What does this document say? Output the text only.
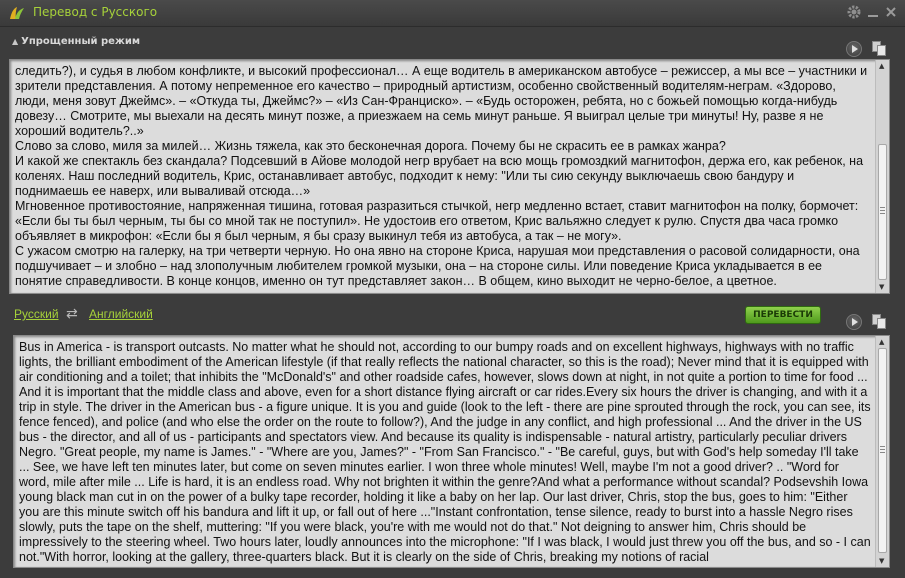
Перевод с Русского
▲ Упрощенный режим
следить?), и судья в любом конфликте, и высокий профессионал… А еще водитель в американском автобусе – режиссер, а мы все – участники и зрители представления. А потому непременное его качество – природный артистизм, особенно свойственный водителям-неграм. «Здорово, люди, меня зовут Джеймс». – «Откуда ты, Джеймс?» – «Из Сан-Франциско». – «Будь осторожен, ребята, но с божьей помощью когда-нибудь довезу… Смотрите, мы выехали на десять минут позже, а приезжаем на семь минут раньше. Я выиграл целые три минуты! Ну, разве я не хороший водитель?..»
Слово за слово, миля за милей… Жизнь тяжела, как это бесконечная дорога. Почему бы не скрасить ее в рамках жанра?
И какой же спектакль без скандала? Подсевший в Айове молодой негр врубает на всю мощь громоздкий магнитофон, держа его, как ребенок, на коленях. Наш последний водитель, Крис, останавливает автобус, подходит к нему: "Или ты сию секунду выключаешь свою бандуру и поднимаешь ее наверх, или вываливай отсюда…»
Мгновенное противостояние, напряженная тишина, готовая разразиться стычкой, негр медленно встает, ставит магнитофон на полку, бормочет: «Если бы ты был черным, ты бы со мной так не поступил». Не удостоив его ответом, Крис вальяжно следует к рулю. Спустя два часа громко объявляет в микрофон: «Если бы я был черным, я бы сразу выкинул тебя из автобуса, а так – не могу».
С ужасом смотрю на галерку, на три четверти черную. Но она явно на стороне Криса, нарушая мои представления о расовой солидарности, она подшучивает – и злобно – над злополучным любителем громкой музыки, она – на стороне силы. Или поведение Криса укладывается в ее понятие справедливости. В конце концов, именно он тут представляет закон… В общем, кино выходит не черно-белое, а цветное.
▲
▼
Русский ⇄ Английский	ПЕРЕВЕСТИ
Bus in America - is transport outcasts. No matter what he should not, according to our bumpy roads and on excellent highways, highways with no traffic lights, the brilliant embodiment of the American lifestyle (if that really reflects the national character, so this is the road); Never mind that it is equipped with air conditioning and a toilet; that inhibits the "McDonald's" and other roadside cafes, however, slows down at night, in not quite a portion to time for food ... And it is important that the middle class and above, even for a short distance flying aircraft or car rides.Every six hours the driver is changing, and with it a trip in style. The driver in the American bus - a figure unique. It is you and guide (look to the left - there are pine sprouted through the rock, you can see, its fence fenced), and police (and who else the order on the route to follow?), And the judge in any conflict, and high professional ... And the driver in the US bus - the director, and all of us - participants and spectators view. And because its quality is indispensable - natural artistry, particularly peculiar drivers Negro. "Great people, my name is James." - "Where are you, James?" - "From San Francisco." - "Be careful, guys, but with God's help someday I'll take ... See, we have left ten minutes later, but come on seven minutes earlier. I won three whole minutes! Well, maybe I'm not a good driver? .. "Word for word, mile after mile ... Life is hard, it is an endless road. Why not brighten it within the genre?And what a performance without scandal? Podsevshih Iowa young black man cut in on the power of a bulky tape recorder, holding it like a baby on her lap. Our last driver, Chris, stop the bus, goes to him: "Either you are this minute switch off his bandura and lift it up, or fall out of here ..."Instant confrontation, tense silence, ready to burst into a hassle Negro rises slowly, puts the tape on the shelf, muttering: "If you were black, you're with me would not do that." Not deigning to answer him, Chris should be impressively to the steering wheel. Two hours later, loudly announces into the microphone: "If I was black, I would just threw you off the bus, and so - I can not."With horror, looking at the gallery, three-quarters black. But it is clearly on the side of Chris, breaking my notions of racial
▲
▼
